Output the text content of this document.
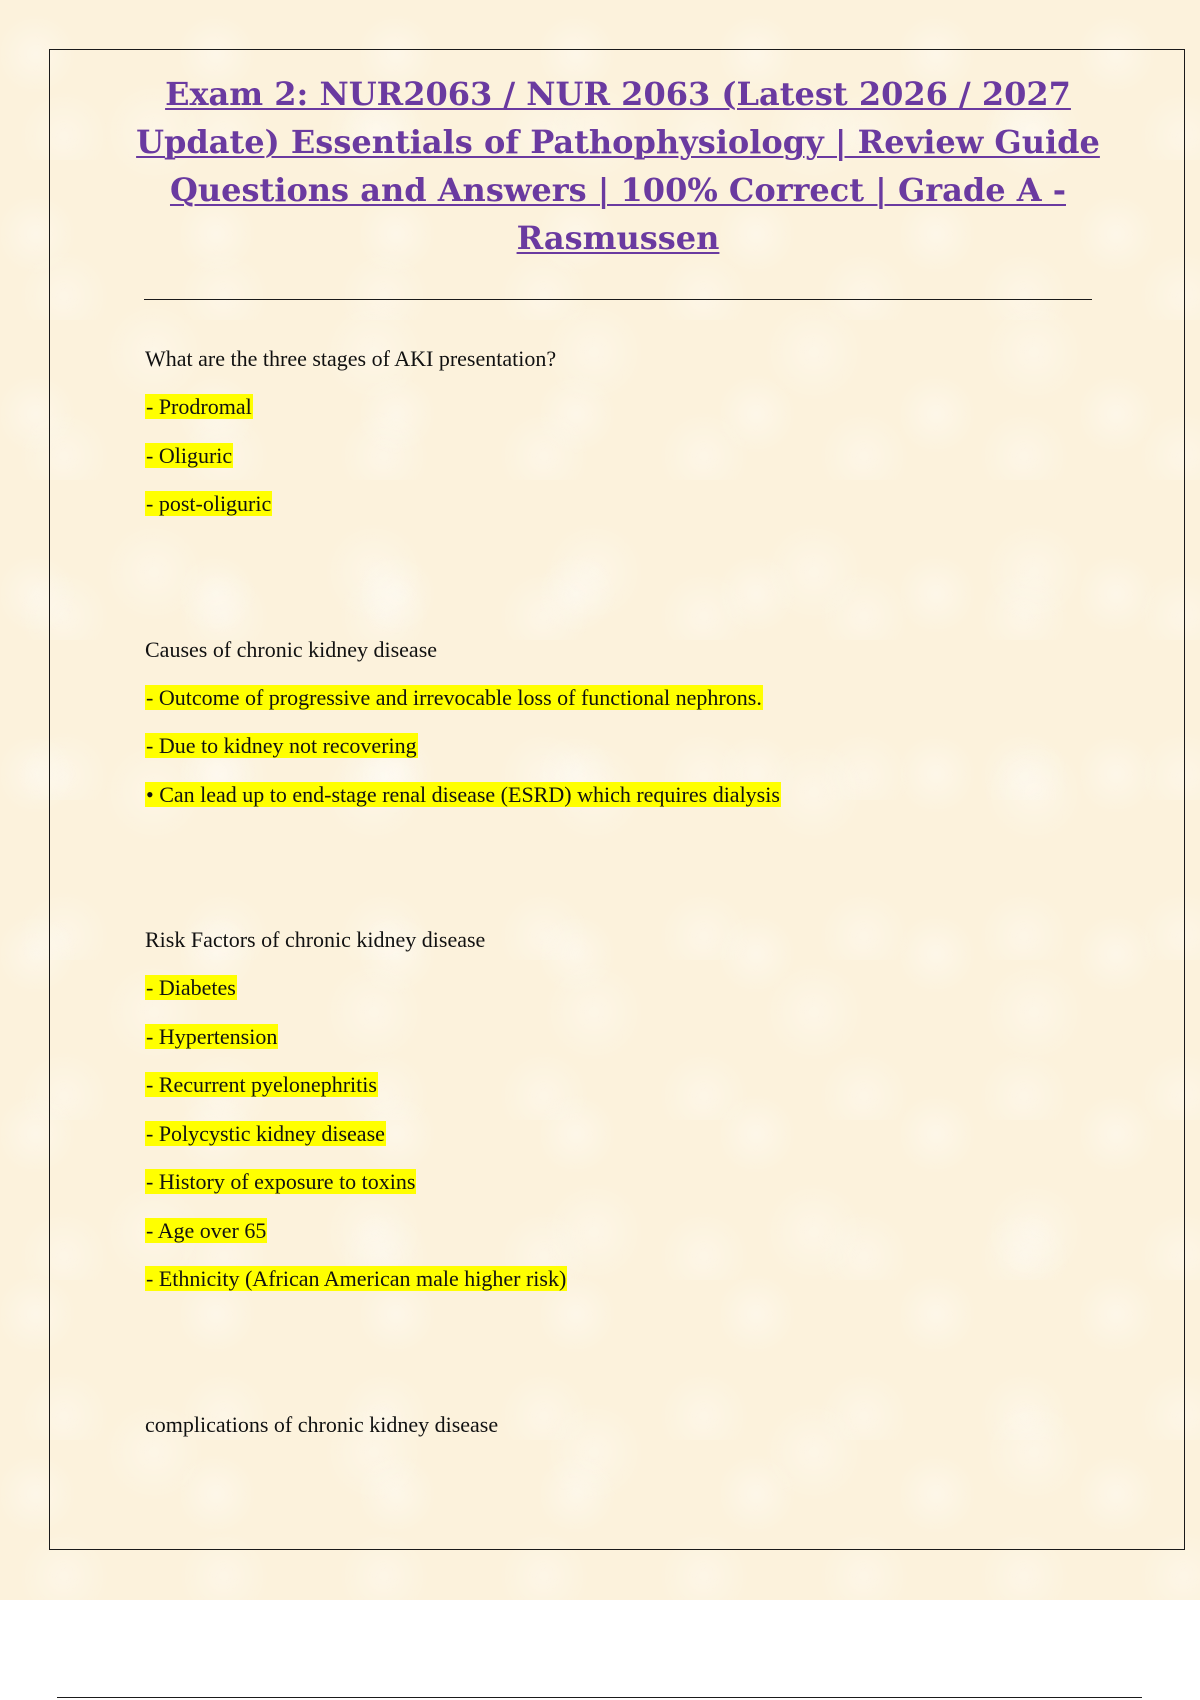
Exam 2: NUR2063 / NUR 2063 (Latest 2026 / 2027 Update) Essentials of Pathophysiology | Review Guide Questions and Answers | 100% Correct | Grade A - Rasmussen

What are the three stages of AKI presentation?

- Prodromal

- Oliguric

- post-oliguric

Causes of chronic kidney disease

- Outcome of progressive and irrevocable loss of functional nephrons.

- Due to kidney not recovering

• Can lead up to end-stage renal disease (ESRD) which requires dialysis

Risk Factors of chronic kidney disease

- Diabetes

- Hypertension

- Recurrent pyelonephritis

- Polycystic kidney disease

- History of exposure to toxins

- Age over 65

- Ethnicity (African American male higher risk)

complications of chronic kidney disease
